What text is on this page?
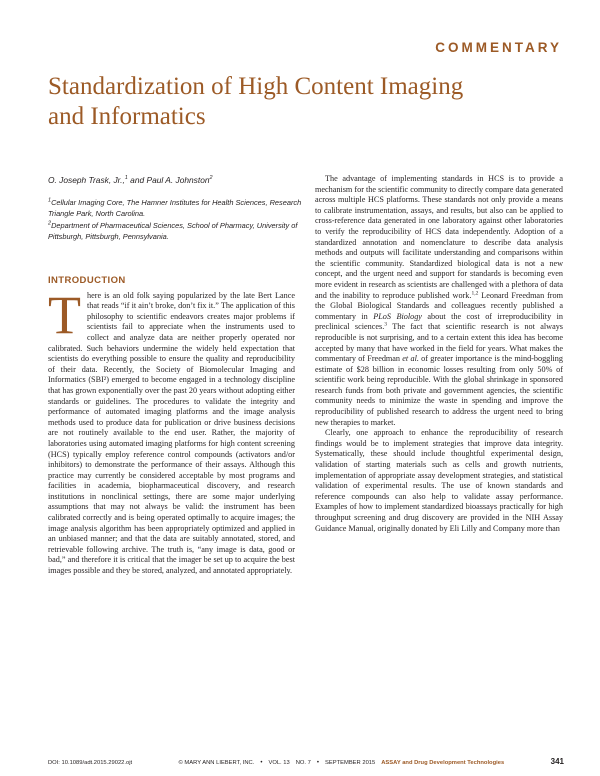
COMMENTARY
Standardization of High Content Imaging and Informatics
O. Joseph Trask, Jr.,$^1$ and Paul A. Johnston$^2$
$^1$Cellular Imaging Core, The Hamner Institutes for Health Sciences, Research Triangle Park, North Carolina.
$^2$Department of Pharmaceutical Sciences, School of Pharmacy, University of Pittsburgh, Pittsburgh, Pennsylvania.
INTRODUCTION

There is an old folk saying popularized by the late Bert Lance that reads “if it ain’t broke, don’t fix it.” The application of this philosophy to scientific endeavors creates major problems if scientists fail to appreciate when the instruments used to collect and analyze data are neither properly operated nor calibrated. Such behaviors undermine the widely held expectation that scientists do everything possible to ensure the quality and reproducibility of their data. Recently, the Society of Biomolecular Imaging and Informatics (SBI²) emerged to become engaged in a technology discipline that has grown exponentially over the past 20 years without adopting either standards or guidelines. The procedures to validate the integrity and performance of automated imaging platforms and the image analysis methods used to produce data for publication or drive business decisions are not routinely available to the end user. Rather, the majority of laboratories using automated imaging platforms for high content screening (HCS) typically employ reference control compounds (activators and/or inhibitors) to demonstrate the performance of their assays. Although this practice may currently be considered acceptable by most programs and facilities in academia, biopharmaceutical discovery, and research institutions in nonclinical settings, there are some major underlying assumptions that may not always be valid: the instrument has been calibrated correctly and is being operated optimally to acquire images; the image analysis algorithm has been appropriately optimized and applied in an unbiased manner; and that the data are suitably annotated, stored, and retrievable following archive. The truth is, “any image is data, good or bad,” and therefore it is critical that the imager be set up to acquire the best images possible and they be stored, analyzed, and annotated appropriately.

The advantage of implementing standards in HCS is to provide a mechanism for the scientific community to directly compare data generated across multiple HCS platforms. These standards not only provide a means to calibrate instrumentation, assays, and results, but also can be applied to cross-reference data generated in one laboratory against other laboratories to verify the reproducibility of HCS data independently. Adoption of a standardized annotation and nomenclature to describe data analysis methods and outputs will facilitate understanding and comparisons within the scientific community. Standardized biological data is not a new concept, and the urgent need and support for standards is becoming even more evident in research as scientists are challenged with a plethora of data and the inability to reproduce published work.$^{1,2}$ Leonard Freedman from the Global Biological Standards and colleagues recently published a commentary in PLoS Biology about the cost of irreproducibility in preclinical sciences.$^3$ The fact that scientific research is not always reproducible is not surprising, and to a certain extent this idea has become accepted by many that have worked in the field for years. What makes the commentary of Freedman et al. of greater importance is the mind-boggling estimate of $28 billion in economic losses resulting from only 50% of scientific work being reproducible. With the global shrinkage in sponsored research funds from both private and government agencies, the scientific community needs to minimize the waste in spending and improve the reproducibility of published research to address the urgent need to bring new therapies to market.

Clearly, one approach to enhance the reproducibility of research findings would be to implement strategies that improve data integrity. Systematically, these should include thoughtful experimental design, validation of starting materials such as cells and growth nutrients, implementation of appropriate assay development strategies, and statistical validation of experimental results. The use of known standards and reference compounds can also help to validate assay performance. Examples of how to implement standardized bioassays practically for high throughput screening and drug discovery are provided in the NIH Assay Guidance Manual, originally donated by Eli Lilly and Company more than

DOI: 10.1089/adt.2015.29022.ojt	© MARY ANN LIEBERT, INC. • VOL. 13 NO. 7 • SEPTEMBER 2015 ASSAY and Drug Development Technologies	341
